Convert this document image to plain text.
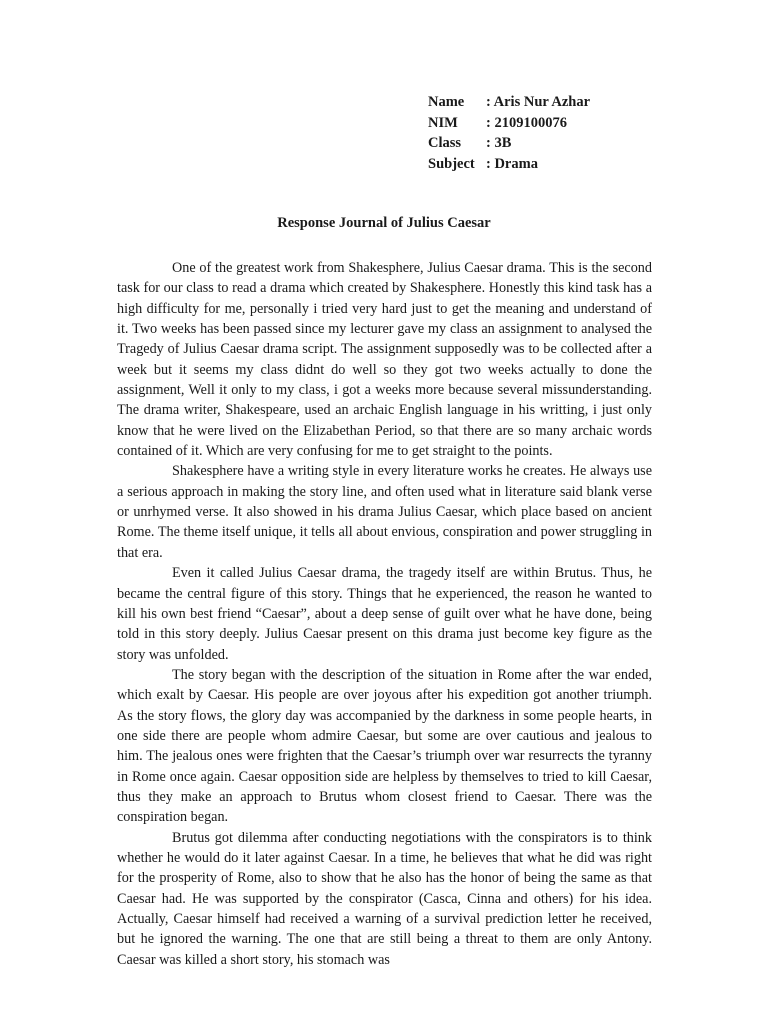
Name	: Aris Nur Azhar
NIM	: 2109100076
Class	: 3B
Subject : Drama
Response Journal of Julius Caesar

One of the greatest work from Shakesphere, Julius Caesar drama. This is the second task for our class to read a drama which created by Shakesphere. Honestly this kind task has a high difficulty for me, personally i tried very hard just to get the meaning and understand of it. Two weeks has been passed since my lecturer gave my class an assignment to analysed the Tragedy of Julius Caesar drama script. The assignment supposedly was to be collected after a week but it seems my class didnt do well so they got two weeks actually to done the assignment, Well it only to my class, i got a weeks more because several missunderstanding. The drama writer, Shakespeare, used an archaic English language in his writting, i just only know that he were lived on the Elizabethan Period, so that there are so many archaic words contained of it. Which are very confusing for me to get straight to the points.

Shakesphere have a writing style in every literature works he creates. He always use a serious approach in making the story line, and often used what in literature said blank verse or unrhymed verse. It also showed in his drama Julius Caesar, which place based on ancient Rome. The theme itself unique, it tells all about envious, conspiration and power struggling in that era.

Even it called Julius Caesar drama, the tragedy itself are within Brutus. Thus, he became the central figure of this story. Things that he experienced, the reason he wanted to kill his own best friend “Caesar”, about a deep sense of guilt over what he have done, being told in this story deeply. Julius Caesar present on this drama just become key figure as the story was unfolded.

The story began with the description of the situation in Rome after the war ended, which exalt by Caesar. His people are over joyous after his expedition got another triumph. As the story flows, the glory day was accompanied by the darkness in some people hearts, in one side there are people whom admire Caesar, but some are over cautious and jealous to him. The jealous ones were frighten that the Caesar’s triumph over war resurrects the tyranny in Rome once again. Caesar opposition side are helpless by themselves to tried to kill Caesar, thus they make an approach to Brutus whom closest friend to Caesar. There was the conspiration began.

Brutus got dilemma after conducting negotiations with the conspirators is to think whether he would do it later against Caesar. In a time, he believes that what he did was right for the prosperity of Rome, also to show that he also has the honor of being the same as that Caesar had. He was supported by the conspirator (Casca, Cinna and others) for his idea. Actually, Caesar himself had received a warning of a survival prediction letter he received, but he ignored the warning. The one that are still being a threat to them are only Antony. Caesar was killed a short story, his stomach was
